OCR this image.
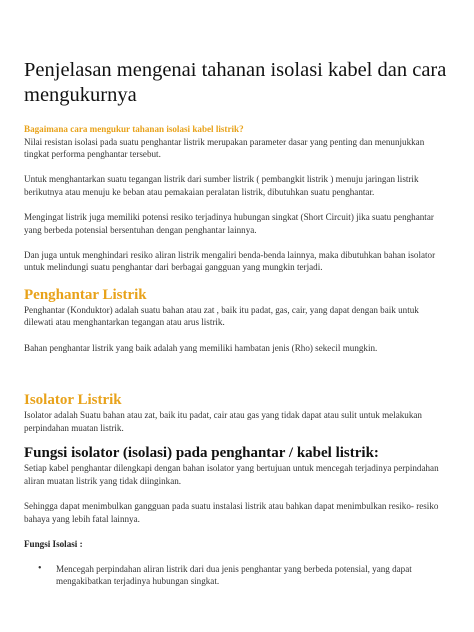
Penjelasan mengenai tahanan isolasi kabel dan cara mengukurnya

Bagaimana cara mengukur tahanan isolasi kabel listrik?

Nilai resistan isolasi pada suatu penghantar listrik merupakan parameter dasar yang penting dan menunjukkan tingkat performa penghantar tersebut.

Untuk menghantarkan suatu tegangan listrik dari sumber listrik ( pembangkit listrik ) menuju jaringan listrik berikutnya atau menuju ke beban atau pemakaian peralatan listrik, dibutuhkan suatu penghantar.

Mengingat listrik juga memiliki potensi resiko terjadinya hubungan singkat (Short Circuit) jika suatu penghantar yang berbeda potensial bersentuhan dengan penghantar lainnya.

Dan juga untuk menghindari resiko aliran listrik mengaliri benda-benda lainnya, maka dibutuhkan bahan isolator untuk melindungi suatu penghantar dari berbagai gangguan yang mungkin terjadi.

Penghantar Listrik

Penghantar (Konduktor) adalah suatu bahan atau zat , baik itu padat, gas, cair, yang dapat dengan baik untuk dilewati atau menghantarkan tegangan atau arus listrik.

Bahan penghantar listrik yang baik adalah yang memiliki hambatan jenis (Rho) sekecil mungkin.

Isolator Listrik

Isolator adalah Suatu bahan atau zat, baik itu padat, cair atau gas yang tidak dapat atau sulit untuk melakukan perpindahan muatan listrik.

Fungsi isolator (isolasi) pada penghantar / kabel listrik:

Setiap kabel penghantar dilengkapi dengan bahan isolator yang bertujuan untuk mencegah terjadinya perpindahan aliran muatan listrik yang tidak diinginkan.

Sehingga dapat menimbulkan gangguan pada suatu instalasi listrik atau bahkan dapat menimbulkan resiko- resiko bahaya yang lebih fatal lainnya.

Fungsi Isolasi :

• Mencegah perpindahan aliran listrik dari dua jenis penghantar yang berbeda potensial, yang dapat mengakibatkan terjadinya hubungan singkat.
